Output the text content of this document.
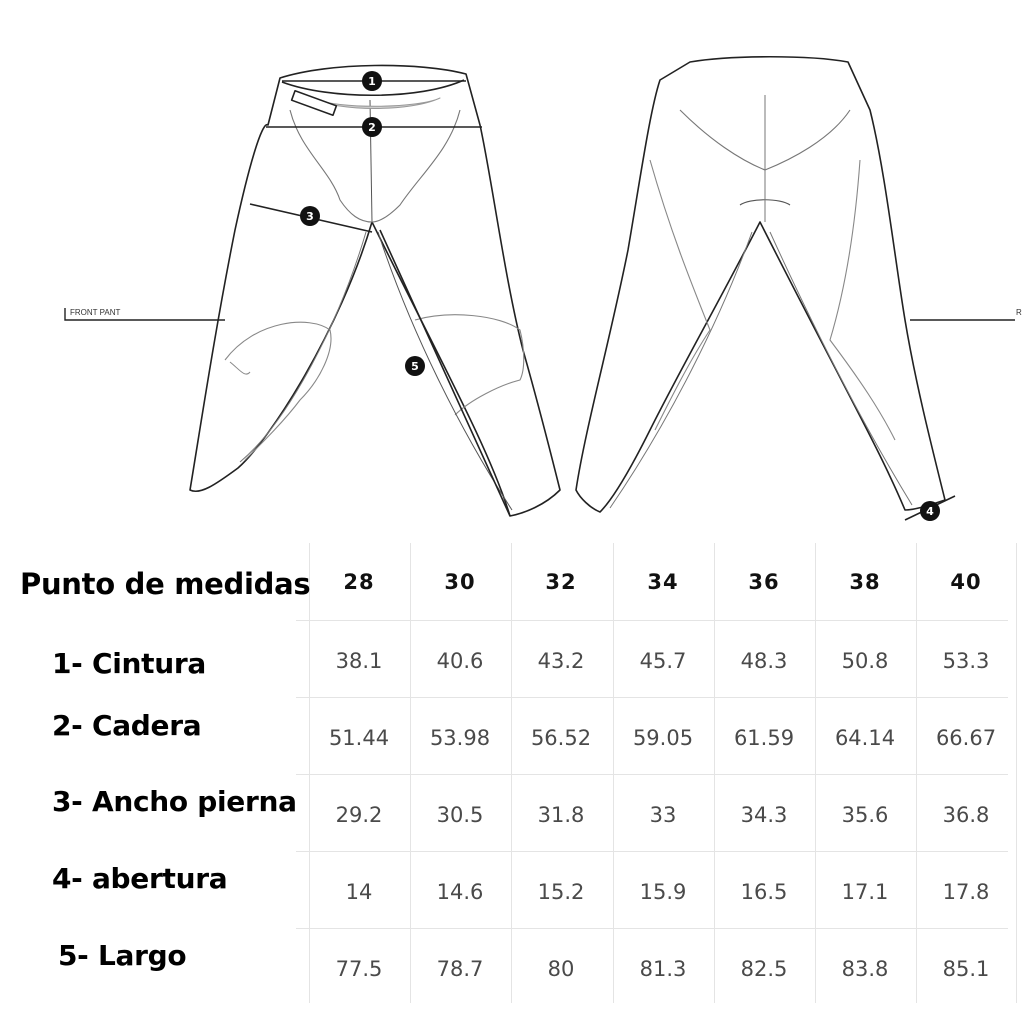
FRONT PANT	R
1
2
3
4
5
Punto de medidas	28	30	32	34	36	38	40
1- Cintura	38.1	40.6	43.2	45.7	48.3	50.8	53.3
2- Cadera	51.44	53.98	56.52	59.05	61.59	64.14	66.67
3- Ancho pierna	29.2	30.5	31.8	33	34.3	35.6	36.8
4- abertura	14	14.6	15.2	15.9	16.5	17.1	17.8
5- Largo	77.5	78.7	80	81.3	82.5	83.8	85.1
